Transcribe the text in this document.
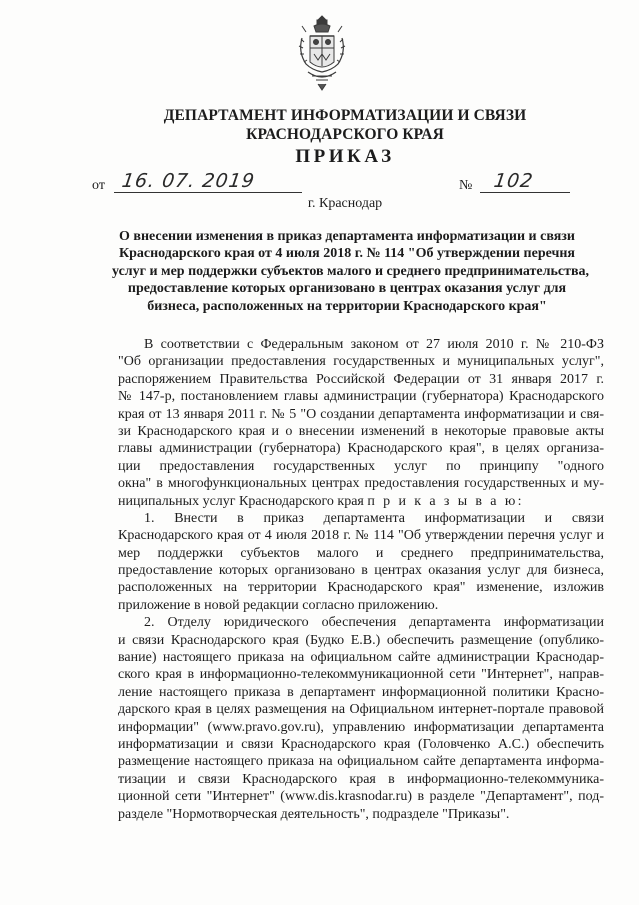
ДЕПАРТАМЕНТ ИНФОРМАТИЗАЦИИ И СВЯЗИ
КРАСНОДАРСКОГО КРАЯ
ПРИКАЗ
от 16. 07. 2019	№ 102
г. Краснодар
О внесении изменения в приказ департамента информатизации и связи
Краснодарского края от 4 июля 2018 г. № 114 "Об утверждении перечня
услуг и мер поддержки субъектов малого и среднего предпринимательства,
предоставление которых организовано в центрах оказания услуг для
бизнеса, расположенных на территории Краснодарского края"
В соответствии с Федеральным законом от 27 июля 2010 г. № 210-ФЗ
"Об организации предоставления государственных и муниципальных услуг",
распоряжением Правительства Российской Федерации от 31 января 2017 г.
№ 147-р, постановлением главы администрации (губернатора) Краснодарского
края от 13 января 2011 г. № 5 "О создании департамента информатизации и свя-
зи Краснодарского края и о внесении изменений в некоторые правовые акты
главы администрации (губернатора) Краснодарского края", в целях организа-
ции предоставления государственных услуг по принципу "одного
окна" в многофункциональных центрах предоставления государственных и му-
ниципальных услуг Краснодарского края п р и к а з ы в а ю:
1. Внести в приказ департамента информатизации и связи
Краснодарского края от 4 июля 2018 г. № 114 "Об утверждении перечня услуг и
мер поддержки субъектов малого и среднего предпринимательства,
предоставление которых организовано в центрах оказания услуг для бизнеса,
расположенных на территории Краснодарского края" изменение, изложив
приложение в новой редакции согласно приложению.
2. Отделу юридического обеспечения департамента информатизации
и связи Краснодарского края (Будко Е.В.) обеспечить размещение (опублико-
вание) настоящего приказа на официальном сайте администрации Краснодар-
ского края в информационно-телекоммуникационной сети "Интернет", направ-
ление настоящего приказа в департамент информационной политики Красно-
дарского края в целях размещения на Официальном интернет-портале правовой
информации" (www.pravo.gov.ru), управлению информатизации департамента
информатизации и связи Краснодарского края (Головченко А.С.) обеспечить
размещение настоящего приказа на официальном сайте департамента информа-
тизации и связи Краснодарского края в информационно-телекоммуника-
ционной сети "Интернет" (www.dis.krasnodar.ru) в разделе "Департамент", под-
разделе "Нормотворческая деятельность", подразделе "Приказы".
